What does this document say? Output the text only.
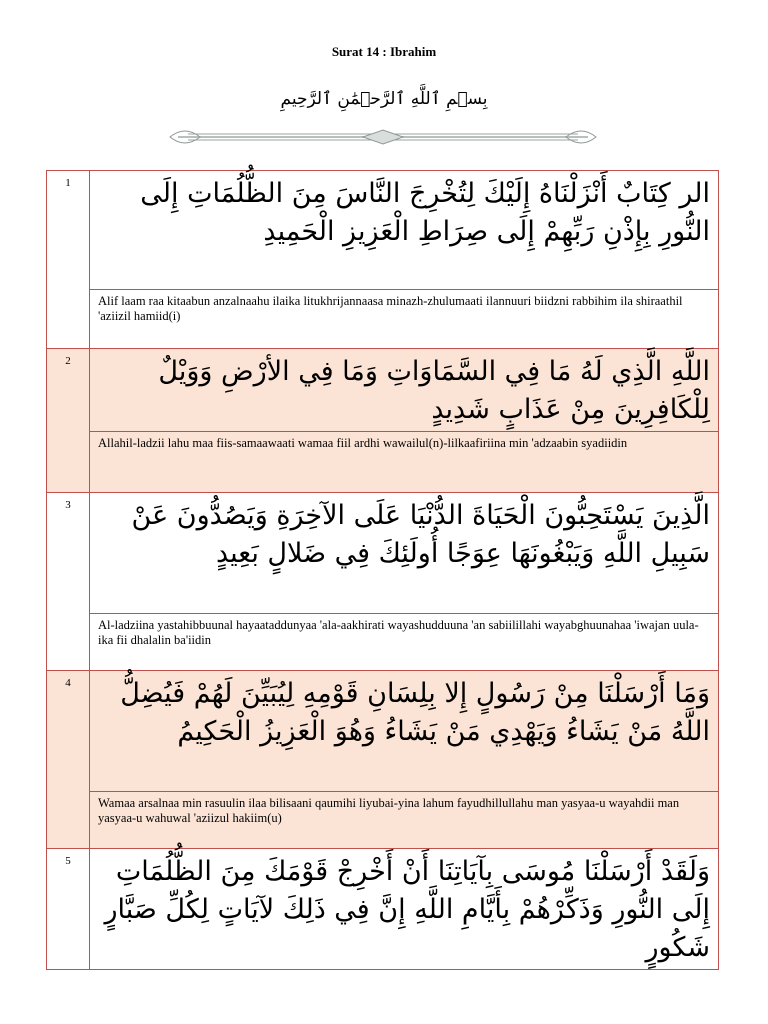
Surat 14 : Ibrahim
بِسۡمِ ٱللَّهِ ٱلرَّحۡمَٰنِ ٱلرَّحِيمِ
1	الر كِتَابٌ أَنْزَلْنَاهُ إِلَيْكَ لِتُخْرِجَ النَّاسَ مِنَ الظُّلُمَاتِ إِلَى النُّورِ بِإِذْنِ رَبِّهِمْ إِلَى صِرَاطِ الْعَزِيزِ الْحَمِيدِ
	Alif laam raa kitaabun anzalnaahu ilaika litukhrijannaasa minazh-zhulumaati ilannuuri biidzni rabbihim ila shiraathil 'aziizil hamiid(i)
2	اللَّهِ الَّذِي لَهُ مَا فِي السَّمَاوَاتِ وَمَا فِي الأرْضِ وَوَيْلٌ لِلْكَافِرِينَ مِنْ عَذَابٍ شَدِيدٍ
	Allahil-ladzii lahu maa fiis-samaawaati wamaa fiil ardhi wawailul(n)-lilkaafiriina min 'adzaabin syadiidin
3	الَّذِينَ يَسْتَحِبُّونَ الْحَيَاةَ الدُّنْيَا عَلَى الآخِرَةِ وَيَصُدُّونَ عَنْ سَبِيلِ اللَّهِ وَيَبْغُونَهَا عِوَجًا أُولَئِكَ فِي ضَلالٍ بَعِيدٍ
	Al-ladziina yastahibbuunal hayaataddunyaa 'ala-aakhirati wayashudduuna 'an sabiilillahi wayabghuunahaa 'iwajan uula-ika fii dhalalin ba'iidin
4	وَمَا أَرْسَلْنَا مِنْ رَسُولٍ إِلا بِلِسَانِ قَوْمِهِ لِيُبَيِّنَ لَهُمْ فَيُضِلُّ اللَّهُ مَنْ يَشَاءُ وَيَهْدِي مَنْ يَشَاءُ وَهُوَ الْعَزِيزُ الْحَكِيمُ
	Wamaa arsalnaa min rasuulin ilaa bilisaani qaumihi liyubai-yina lahum fayudhillullahu man yasyaa-u wayahdii man yasyaa-u wahuwal 'aziizul hakiim(u)
5	وَلَقَدْ أَرْسَلْنَا مُوسَى بِآيَاتِنَا أَنْ أَخْرِجْ قَوْمَكَ مِنَ الظُّلُمَاتِ إِلَى النُّورِ وَذَكِّرْهُمْ بِأَيَّامِ اللَّهِ إِنَّ فِي ذَلِكَ لآيَاتٍ لِكُلِّ صَبَّارٍ شَكُورٍ
